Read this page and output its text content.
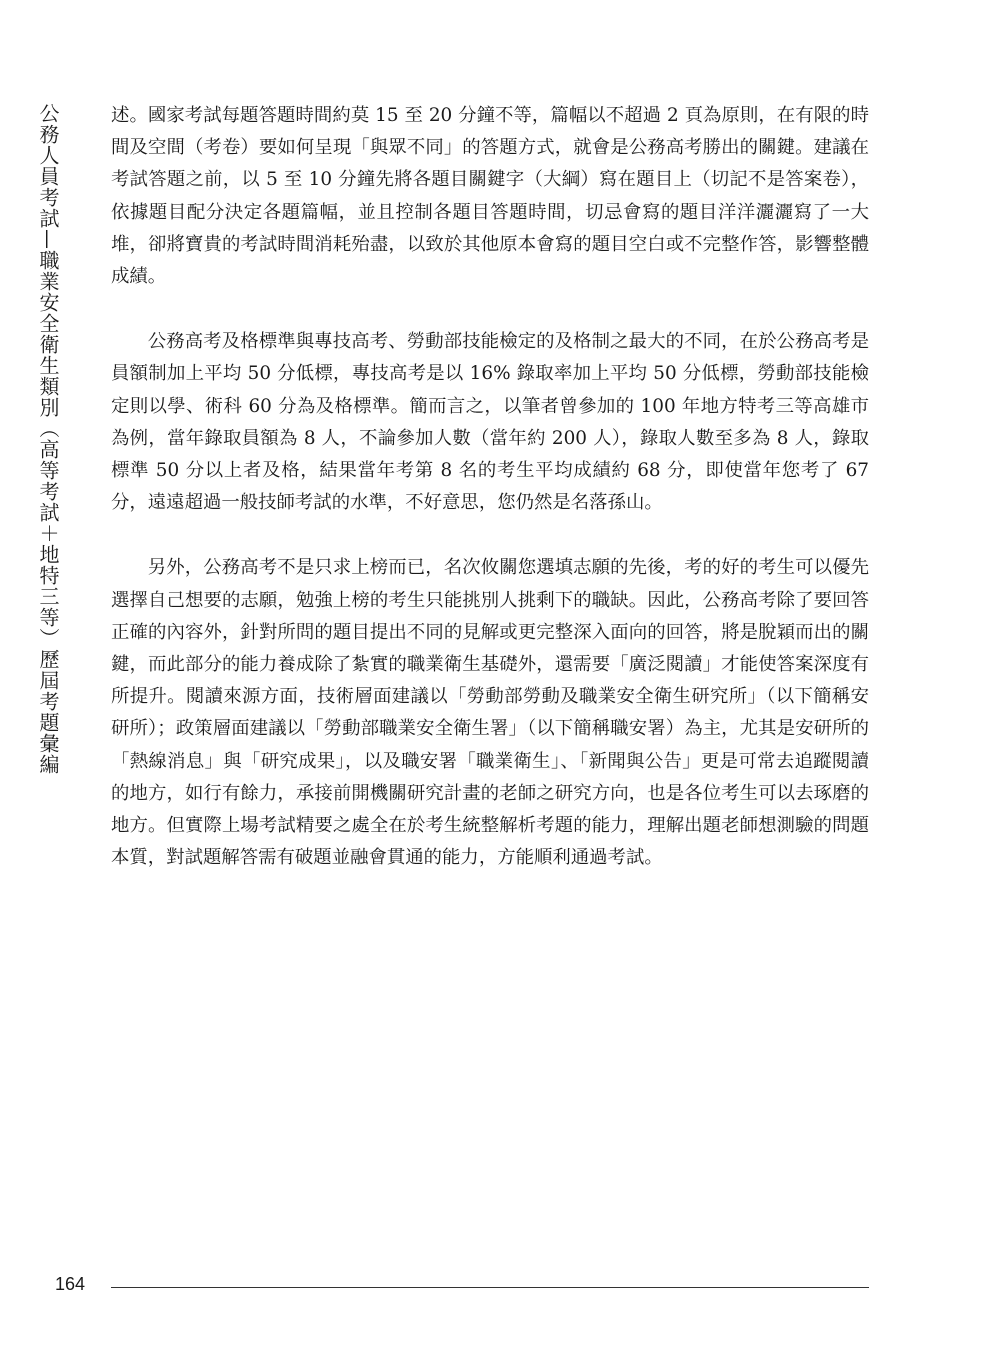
公務人員考試—職業安全衛生類別（高等考試＋地特三等）歷屆考題彙編	述。國家考試每題答題時間約莫 15 至 20 分鐘不等，篇幅以不超過 2 頁為原則，在有限的時間及空間（考卷）要如何呈現「與眾不同」的答題方式，就會是公務高考勝出的關鍵。建議在考試答題之前，以 5 至 10 分鐘先將各題目關鍵字（大綱）寫在題目上（切記不是答案卷），依據題目配分決定各題篇幅，並且控制各題目答題時間，切忌會寫的題目洋洋灑灑寫了一大堆，卻將寶貴的考試時間消耗殆盡，以致於其他原本會寫的題目空白或不完整作答，影響整體成績。

公務高考及格標準與專技高考、勞動部技能檢定的及格制之最大的不同，在於公務高考是員額制加上平均 50 分低標，專技高考是以 16% 錄取率加上平均 50 分低標，勞動部技能檢定則以學、術科 60 分為及格標準。簡而言之，以筆者曾參加的 100 年地方特考三等高雄市為例，當年錄取員額為 8 人，不論參加人數（當年約 200 人），錄取人數至多為 8 人，錄取標準 50 分以上者及格，結果當年考第 8 名的考生平均成績約 68 分，即使當年您考了 67 分，遠遠超過一般技師考試的水準，不好意思，您仍然是名落孫山。

另外，公務高考不是只求上榜而已，名次攸關您選填志願的先後，考的好的考生可以優先選擇自己想要的志願，勉強上榜的考生只能挑別人挑剩下的職缺。因此，公務高考除了要回答正確的內容外，針對所問的題目提出不同的見解或更完整深入面向的回答，將是脫穎而出的關鍵，而此部分的能力養成除了紮實的職業衛生基礎外，還需要「廣泛閱讀」才能使答案深度有所提升。閱讀來源方面，技術層面建議以「勞動部勞動及職業安全衛生研究所」（以下簡稱安研所）；政策層面建議以「勞動部職業安全衛生署」（以下簡稱職安署）為主，尤其是安研所的「熱線消息」與「研究成果」，以及職安署「職業衛生」、「新聞與公告」更是可常去追蹤閱讀的地方，如行有餘力，承接前開機關研究計畫的老師之研究方向，也是各位考生可以去琢磨的地方。但實際上場考試精要之處全在於考生統整解析考題的能力，理解出題老師想測驗的問題本質，對試題解答需有破題並融會貫通的能力，方能順利通過考試。

164
